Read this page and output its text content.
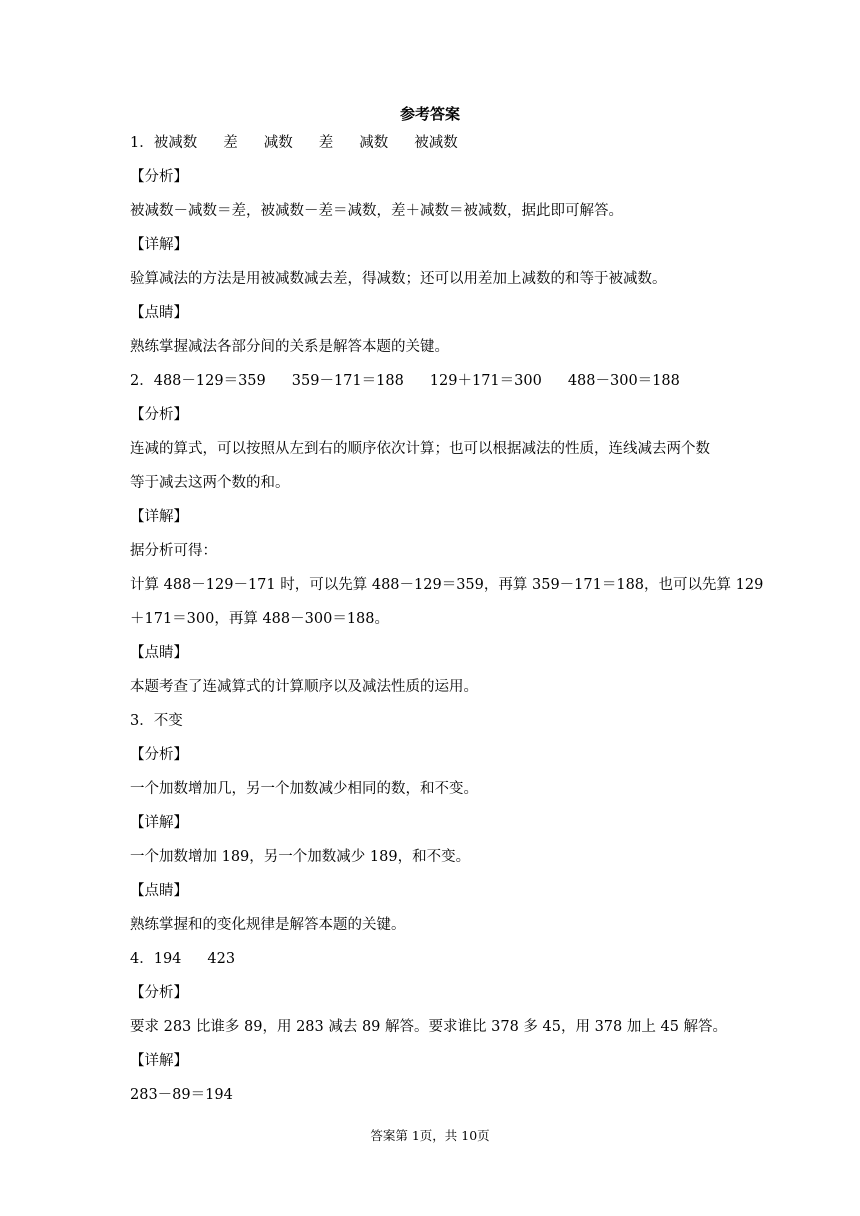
参考答案
1．被减数 差 减数 差 减数 被减数
【分析】
被减数－减数＝差，被减数－差＝减数，差＋减数＝被减数，据此即可解答。
【详解】
验算减法的方法是用被减数减去差，得减数；还可以用差加上减数的和等于被减数。
【点睛】
熟练掌握减法各部分间的关系是解答本题的关键。
2．488－129＝359 359－171＝188 129＋171＝300 488－300＝188
【分析】
连减的算式，可以按照从左到右的顺序依次计算；也可以根据减法的性质，连线减去两个数
等于减去这两个数的和。
【详解】
据分析可得：
计算 488－129－171 时，可以先算 488－129＝359，再算 359－171＝188，也可以先算 129
＋171＝300，再算 488－300＝188。
【点睛】
本题考查了连减算式的计算顺序以及减法性质的运用。
3．不变
【分析】
一个加数增加几，另一个加数减少相同的数，和不变。
【详解】
一个加数增加 189，另一个加数减少 189，和不变。
【点睛】
熟练掌握和的变化规律是解答本题的关键。
4．194 423
【分析】
要求 283 比谁多 89，用 283 减去 89 解答。要求谁比 378 多 45，用 378 加上 45 解答。
【详解】
283－89＝194
答案第 1页，共 10页
